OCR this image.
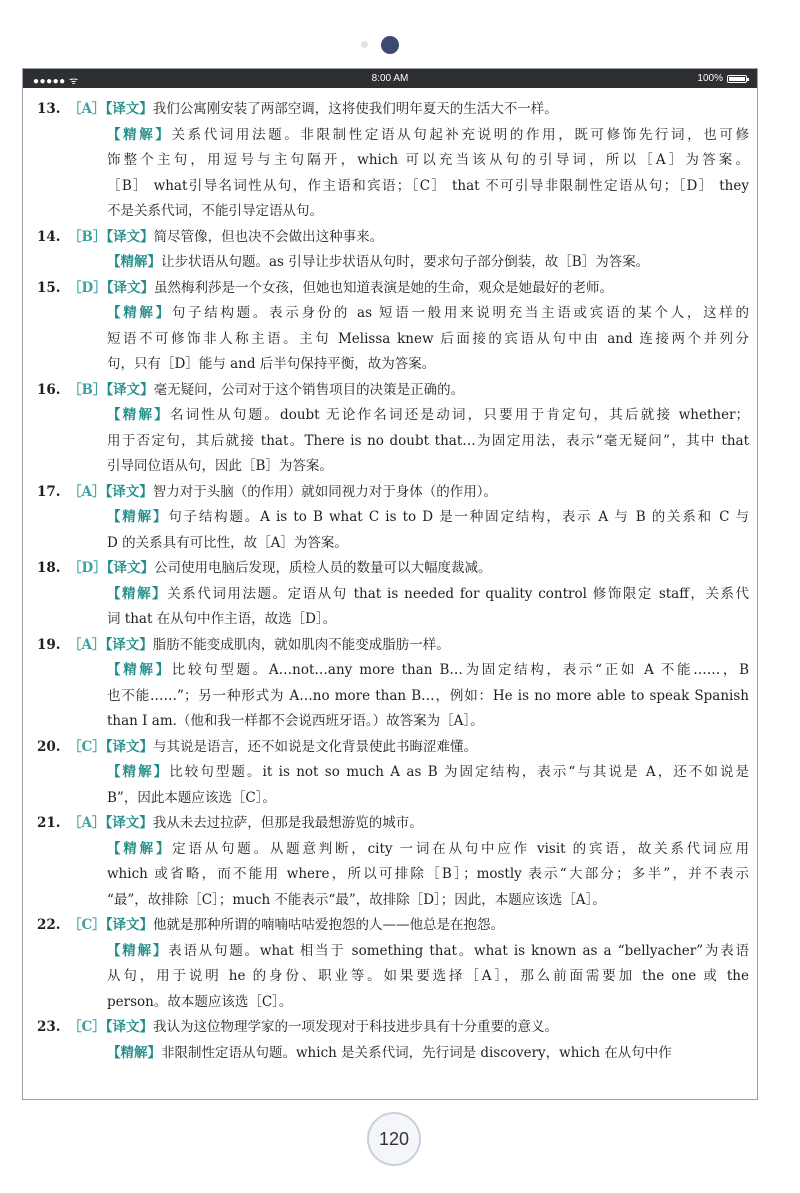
●●●●● ᯤ	8:00 AM	100%
13. ［A］【译文】我们公寓刚安装了两部空调，这将使我们明年夏天的生活大不一样。
【精解】关系代词用法题。非限制性定语从句起补充说明的作用，既可修饰先行词，也可修
饰整个主句，用逗号与主句隔开，which 可以充当该从句的引导词，所以［A］为答案。
［B］ what引导名词性从句，作主语和宾语；［C］ that 不可引导非限制性定语从句；［D］ they
不是关系代词，不能引导定语从句。
14. ［B］【译文】简尽管像，但也决不会做出这种事来。
【精解】让步状语从句题。as 引导让步状语从句时，要求句子部分倒装，故［B］为答案。
15. ［D］【译文】虽然梅利莎是一个女孩，但她也知道表演是她的生命，观众是她最好的老师。
【精解】句子结构题。表示身份的 as 短语一般用来说明充当主语或宾语的某个人，这样的
短语不可修饰非人称主语。主句 Melissa knew 后面接的宾语从句中由 and 连接两个并列分
句，只有［D］能与 and 后半句保持平衡，故为答案。
16. ［B］【译文】毫无疑问，公司对于这个销售项目的决策是正确的。
【精解】名词性从句题。doubt 无论作名词还是动词，只要用于肯定句，其后就接 whether；
用于否定句，其后就接 that。There is no doubt that…为固定用法，表示“毫无疑问”，其中 that
引导同位语从句，因此［B］为答案。
17. ［A］【译文】智力对于头脑（的作用）就如同视力对于身体（的作用）。
【精解】句子结构题。A is to B what C is to D 是一种固定结构，表示 A 与 B 的关系和 C 与
D 的关系具有可比性，故［A］为答案。
18. ［D］【译文】公司使用电脑后发现，质检人员的数量可以大幅度裁减。
【精解】关系代词用法题。定语从句 that is needed for quality control 修饰限定 staff，关系代
词 that 在从句中作主语，故选［D］。
19. ［A］【译文】脂肪不能变成肌肉，就如肌肉不能变成脂肪一样。
【精解】比较句型题。A…not…any more than B…为固定结构，表示“正如 A 不能……，B
也不能……”；另一种形式为 A…no more than B…，例如：He is no more able to speak Spanish
than I am.（他和我一样都不会说西班牙语。）故答案为［A］。
20. ［C］【译文】与其说是语言，还不如说是文化背景使此书晦涩难懂。
【精解】比较句型题。it is not so much A as B 为固定结构，表示“与其说是 A，还不如说是
B”，因此本题应该选［C］。
21. ［A］【译文】我从未去过拉萨，但那是我最想游览的城市。
【精解】定语从句题。从题意判断，city 一词在从句中应作 visit 的宾语，故关系代词应用
which 或省略，而不能用 where，所以可排除［B］；mostly 表示“大部分；多半”，并不表示
“最”，故排除［C］；much 不能表示“最”，故排除［D］；因此，本题应该选［A］。
22. ［C］【译文】他就是那种所谓的喃喃咕咕爱抱怨的人——他总是在抱怨。
【精解】表语从句题。what 相当于 something that。what is known as a “bellyacher”为表语
从句，用于说明 he 的身份、职业等。如果要选择［A］，那么前面需要加 the one 或 the
person。故本题应该选［C］。
23. ［C］【译文】我认为这位物理学家的一项发现对于科技进步具有十分重要的意义。
【精解】非限制性定语从句题。which 是关系代词，先行词是 discovery，which 在从句中作
120
